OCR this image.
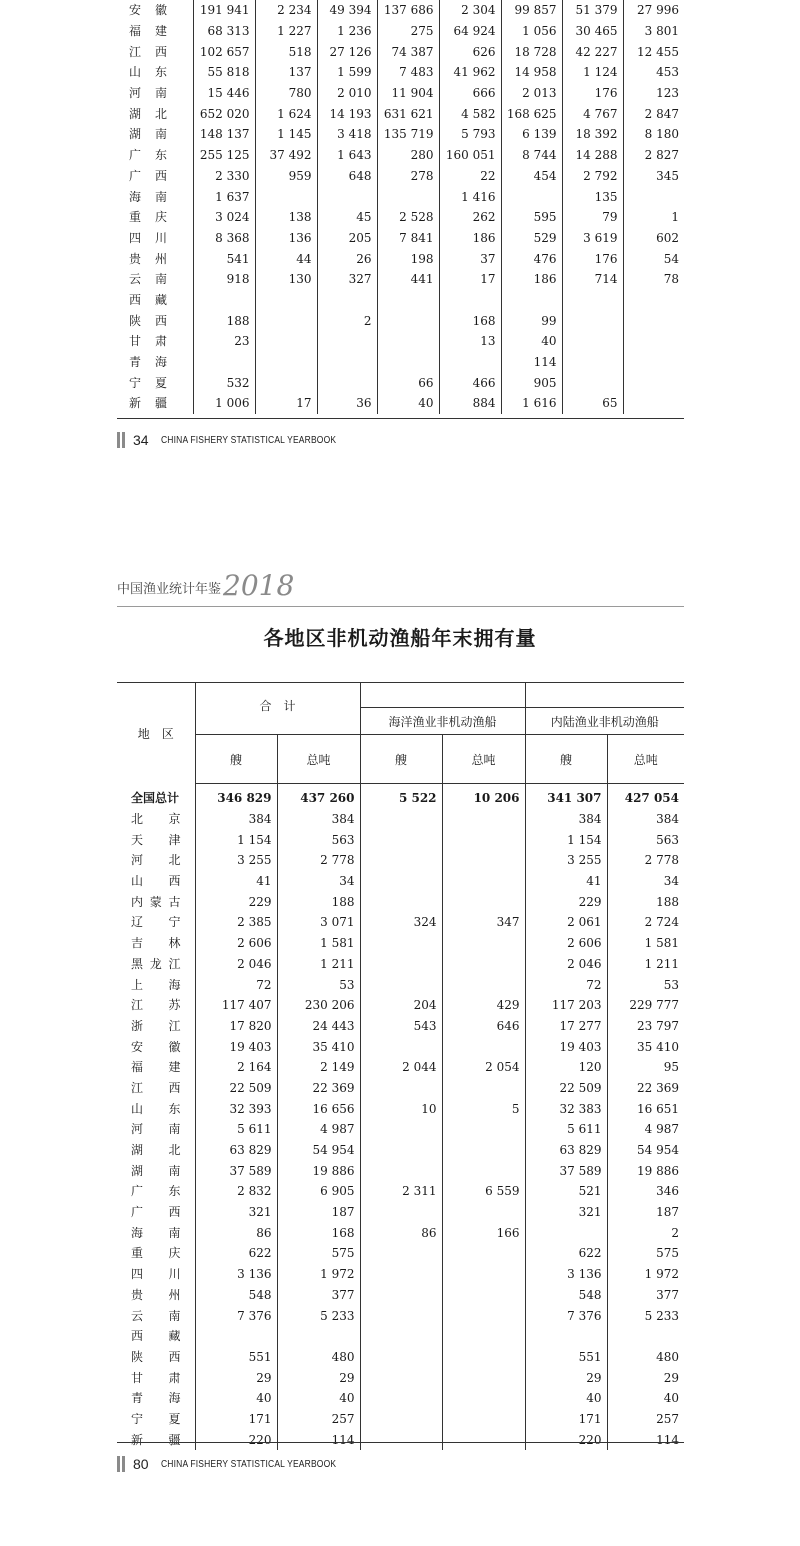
安徽	191 941	2 234	49 394	137 686	2 304	99 857	51 379	27 996
福建	68 313	1 227	1 236	275	64 924	1 056	30 465	3 801
江西	102 657	518	27 126	74 387	626	18 728	42 227	12 455
山东	55 818	137	1 599	7 483	41 962	14 958	1 124	453
河南	15 446	780	2 010	11 904	666	2 013	176	123
湖北	652 020	1 624	14 193	631 621	4 582	168 625	4 767	2 847
湖南	148 137	1 145	3 418	135 719	5 793	6 139	18 392	8 180
广东	255 125	37 492	1 643	280	160 051	8 744	14 288	2 827
广西	2 330	959	648	278	22	454	2 792	345
海南	1 637				1 416		135	
重庆	3 024	138	45	2 528	262	595	79	1
四川	8 368	136	205	7 841	186	529	3 619	602
贵州	541	44	26	198	37	476	176	54
云南	918	130	327	441	17	186	714	78
西藏								
陕西	188		2		168	99		
甘肃	23				13	40		
青海						114		
宁夏	532			66	466	905		
新疆	1 006	17	36	40	884	1 616	65	
34 CHINA FISHERY STATISTICAL YEARBOOK
中国渔业统计年鉴 2018
各地区非机动渔船年末拥有量
地　区	合　计					
			海洋渔业非机动渔船		内陆渔业非机动渔船	
	艘	总吨	艘	总吨	艘	总吨
全国总计	346 829	437 260	5 522	10 206	341 307	427 054
北京	384	384			384	384
天津	1 154	563			1 154	563
河北	3 255	2 778			3 255	2 778
山西	41	34			41	34
内蒙古	229	188			229	188
辽宁	2 385	3 071	324	347	2 061	2 724
吉林	2 606	1 581			2 606	1 581
黑龙江	2 046	1 211			2 046	1 211
上海	72	53			72	53
江苏	117 407	230 206	204	429	117 203	229 777
浙江	17 820	24 443	543	646	17 277	23 797
安徽	19 403	35 410			19 403	35 410
福建	2 164	2 149	2 044	2 054	120	95
江西	22 509	22 369			22 509	22 369
山东	32 393	16 656	10	5	32 383	16 651
河南	5 611	4 987			5 611	4 987
湖北	63 829	54 954			63 829	54 954
湖南	37 589	19 886			37 589	19 886
广东	2 832	6 905	2 311	6 559	521	346
广西	321	187			321	187
海南	86	168	86	166		2
重庆	622	575			622	575
四川	3 136	1 972			3 136	1 972
贵州	548	377			548	377
云南	7 376	5 233			7 376	5 233
西藏						
陕西	551	480			551	480
甘肃	29	29			29	29
青海	40	40			40	40
宁夏	171	257			171	257
新疆	220	114			220	114
80 CHINA FISHERY STATISTICAL YEARBOOK
